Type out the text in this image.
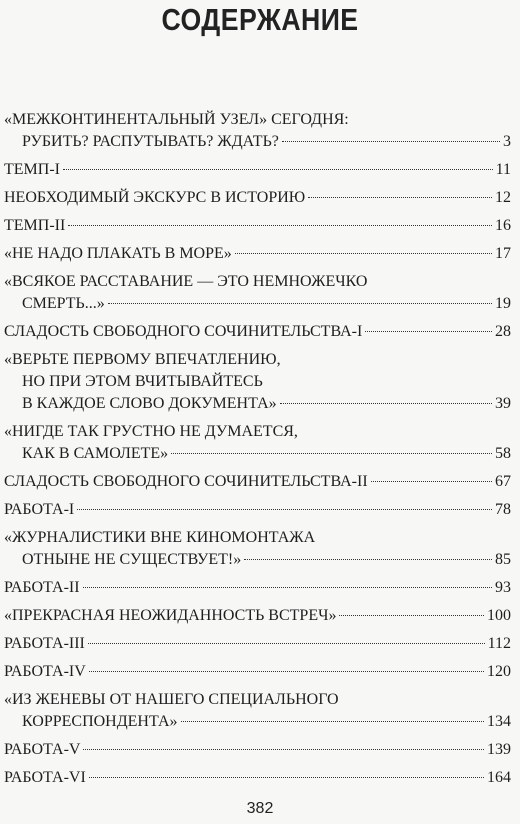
СОДЕРЖАНИЕ
«МЕЖКОНТИНЕНТАЛЬНЫЙ УЗЕЛ» СЕГОДНЯ:
РУБИТЬ? РАСПУТЫВАТЬ? ЖДАТЬ?	3
ТЕМП-I	11
НЕОБХОДИМЫЙ ЭКСКУРС В ИСТОРИЮ	12
ТЕМП-II	16
«НЕ НАДО ПЛАКАТЬ В МОРЕ»	17
«ВСЯКОЕ РАССТАВАНИЕ — ЭТО НЕМНОЖЕЧКО
СМЕРТЬ...»	19
СЛАДОСТЬ СВОБОДНОГО СОЧИНИТЕЛЬСТВА-I	28
«ВЕРЬТЕ ПЕРВОМУ ВПЕЧАТЛЕНИЮ,
НО ПРИ ЭТОМ ВЧИТЫВАЙТЕСЬ
В КАЖДОЕ СЛОВО ДОКУМЕНТА»	39
«НИГДЕ ТАК ГРУСТНО НЕ ДУМАЕТСЯ,
КАК В САМОЛЕТЕ»	58
СЛАДОСТЬ СВОБОДНОГО СОЧИНИТЕЛЬСТВА-II	67
РАБОТА-I	78
«ЖУРНАЛИСТИКИ ВНЕ КИНОМОНТАЖА
ОТНЫНЕ НЕ СУЩЕСТВУЕТ!»	85
РАБОТА-II	93
«ПРЕКРАСНАЯ НЕОЖИДАННОСТЬ ВСТРЕЧ»	100
РАБОТА-III	112
РАБОТА-IV	120
«ИЗ ЖЕНЕВЫ ОТ НАШЕГО СПЕЦИАЛЬНОГО
КОРРЕСПОНДЕНТА»	134
РАБОТА-V	139
РАБОТА-VI	164
382
